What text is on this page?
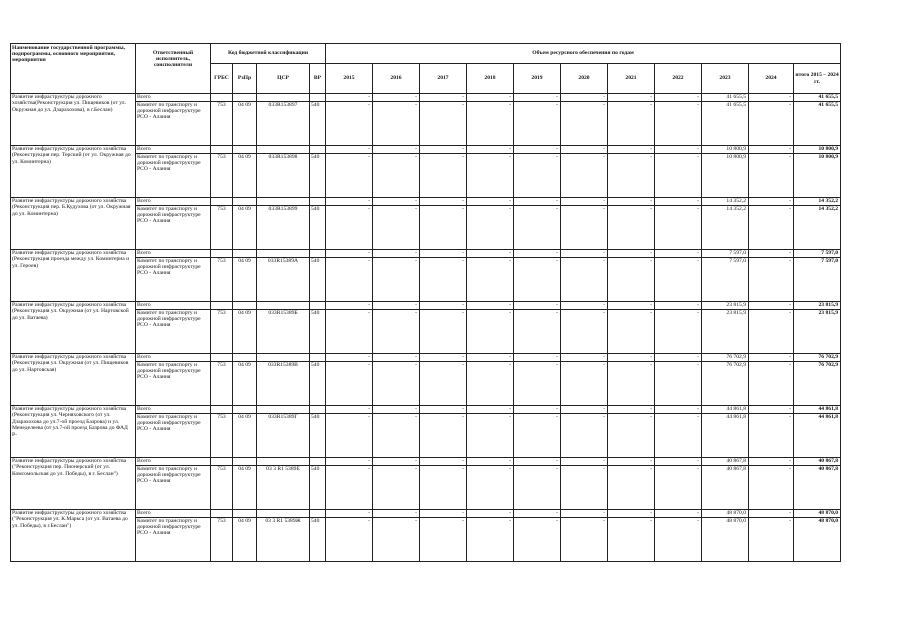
Наименование государственной программы, подпрограммы, основного мероприятия, мероприятия	Ответственный исполнитель, соисполнители	Код бюджетной классификации				Объем ресурсного обеспечения по годам										
		ГРБС	РзПр	ЦСР	ВР	2015	2016	2017	2018	2019	2020	2021	2022	2023	2024	итого 2015 – 2024 гг.
Развитие инфраструктуры дорожного хозяйства(Реконструкция ул. Пищевиков (от ул. Окружная до ул. Дзарахохова), в г.Беслан)	Всего					-	-	-	-	-	-	-	-	41 655,5	-	41 655,5
	Комитет по транспорту и дорожной инфраструктуре РСО - Алания	753	04 09	033R153897	540	-	-	-	-	-	-	-	-	41 655,5	-	41 655,5
Развитие инфраструктуры дорожного хозяйства (Реконструкция пер. Терский (от ул. Окружная до ул. Коминтерна)	Всего					-	-	-	-	-	-	-	-	10 800,9	-	10 800,9
	Комитет по транспорту и дорожной инфраструктуре РСО - Алания	753	04 09	033R153898	540	-	-	-	-	-	-	-	-	10 800,9	-	10 800,9
Развитие инфраструктуры дорожного хозяйства (Реконструкция пер. Б.Кудухова (от ул. Окружная до ул. Коминтерна)	Всего					-	-	-	-	-	-	-	-	14 352,2	-	14 352,2
	Комитет по транспорту и дорожной инфраструктуре РСО - Алания	753	04 09	033R153899	540	-	-	-	-	-	-	-	-	14 352,2	-	14 352,2
Развитие инфраструктуры дорожного хозяйства (Реконструкция проезда между ул. Коминтерна и ул. Героев)	Всего					-	-	-	-	-	-	-	-	7 597,0	-	7 597,0
	Комитет по транспорту и дорожной инфраструктуре РСО - Алания	753	04 09	033R15389А	540	-	-	-	-	-	-	-	-	7 597,0	-	7 597,0
Развитие инфраструктуры дорожного хозяйства (Реконструкция ул. Окружная (от ул. Нартовской до ул. Ватаева)	Всего					-	-	-	-	-	-	-	-	23 815,9	-	23 815,9
	Комитет по транспорту и дорожной инфраструктуре РСО - Алания	753	04 09	033R15389Б	540	-	-	-	-	-	-	-	-	23 815,9	-	23 815,9
Развитие инфраструктуры дорожного хозяйства (Реконструкция ул. Окружная (от ул. Пищевиков до ул. Нартовская)	Всего					-	-	-	-	-	-	-	-	76 702,9	-	76 702,9
	Комитет по транспорту и дорожной инфраструктуре РСО - Алания	753	04 09	033R15389В	540	-	-	-	-	-	-	-	-	76 702,9	-	76 702,9
Развитие инфраструктуры дорожного хозяйства (Реконструкция ул. Черняховского (от ул. Дзарахохова до ул.7-ой проезд Базрова) и ул. Менеделеева (от ул.7-ой проезд Базрова до ФАД Р-	Всего					-	-	-	-	-	-	-	-	44 861,8	-	44 861,8
	Комитет по транспорту и дорожной инфраструктуре РСО - Алания	753	04 09	033R15389Г	540	-	-	-	-	-	-	-	-	44 861,8	-	44 861,8
Развитие инфраструктуры дорожного хозяйства ("Реконструкция пер. Пионерский (от ул. Комсомольская до ул. Победы), в г. Беслан")	Всего					-	-	-	-	-	-	-	-	40 867,8	-	40 867,8
	Комитет по транспорту и дорожной инфраструктуре РСО - Алания	753	04 09	03 3 R1 5389Е	540	-	-	-	-	-	-	-	-	40 867,8	-	40 867,8
Развитие инфраструктуры дорожного хозяйства ("Реконструкция ул. К.Маркса (от ул. Ватаева до ул. Победы), в г.Беслан")	Всего					-	-	-	-	-	-	-	-	48 870,0	-	48 870,0
	Комитет по транспорту и дорожной инфраструктуре РСО - Алания	753	04 09	03 3 R1 5389Ж	540	-	-	-	-	-	-	-	-	48 870,0	-	48 870,0
